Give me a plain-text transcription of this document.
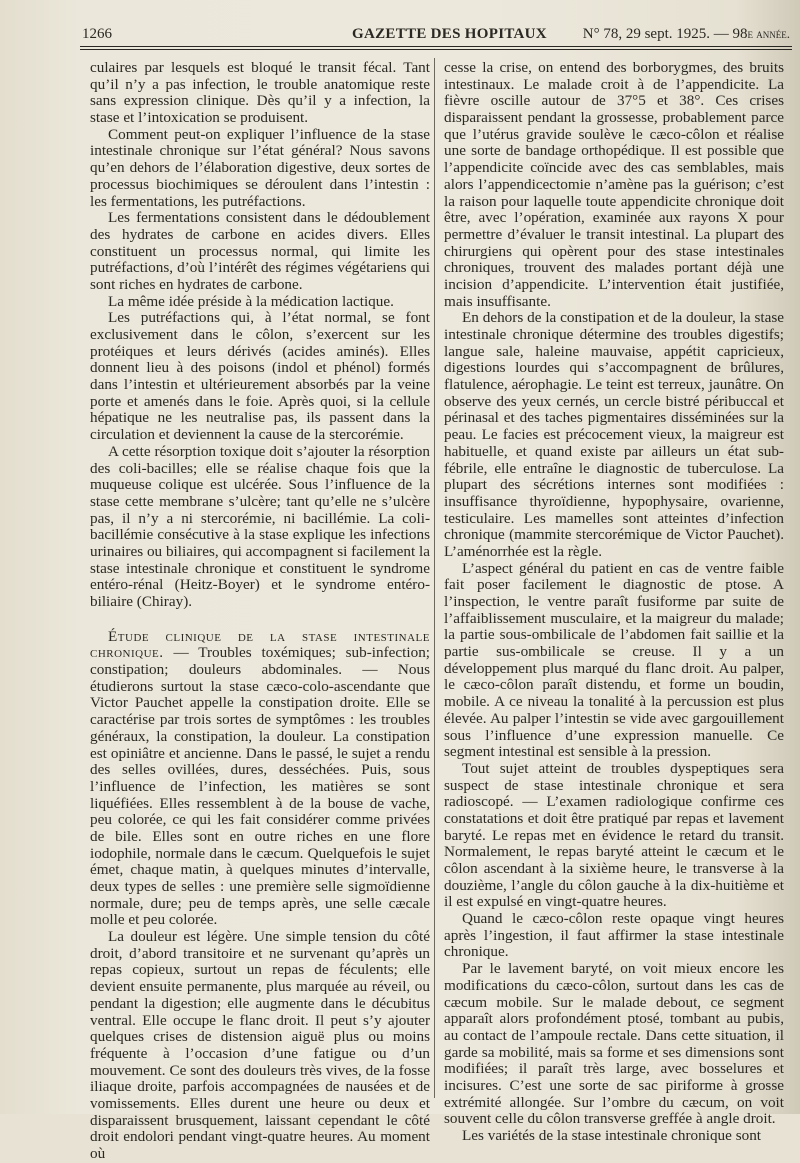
1266	GAZETTE DES HOPITAUX N° 78, 29 sept. 1925. — 98e année.

culaires par lesquels est bloqué le transit fécal. Tant qu’il n’y a pas infection, le trouble anatomique reste sans expression clinique. Dès qu’il y a infection, la stase et l’intoxication se produisent.

Comment peut-on expliquer l’influence de la stase intestinale chronique sur l’état général? Nous savons qu’en dehors de l’élaboration digestive, deux sortes de processus biochimiques se déroulent dans l’intestin : les fermentations, les putréfactions.

Les fermentations consistent dans le dédoublement des hydrates de carbone en acides divers. Elles constituent un processus normal, qui limite les putréfactions, d’où l’intérêt des régimes végétariens qui sont riches en hydrates de carbone.

La même idée préside à la médication lactique.

Les putréfactions qui, à l’état normal, se font exclusivement dans le côlon, s’exercent sur les protéiques et leurs dérivés (acides aminés). Elles donnent lieu à des poisons (indol et phénol) formés dans l’intestin et ultérieurement absorbés par la veine porte et amenés dans le foie. Après quoi, si la cellule hépatique ne les neutralise pas, ils passent dans la circulation et deviennent la cause de la stercorémie.

A cette résorption toxique doit s’ajouter la résorption des coli-bacilles; elle se réalise chaque fois que la muqueuse colique est ulcérée. Sous l’influence de la stase cette membrane s’ulcère; tant qu’elle ne s’ulcère pas, il n’y a ni stercorémie, ni bacillémie. La coli-bacillémie consécutive à la stase explique les infections urinaires ou biliaires, qui accompagnent si facilement la stase intestinale chronique et constituent le syndrome entéro-rénal (Heitz-Boyer) et le syndrome entéro-biliaire (Chiray).

Étude clinique de la stase intestinale chronique. — Troubles toxémiques; sub-infection; constipation; douleurs abdominales. — Nous étudierons surtout la stase cæco-colo-ascendante que Victor Pauchet appelle la constipation droite. Elle se caractérise par trois sortes de symptômes : les troubles généraux, la constipation, la douleur. La constipation est opiniâtre et ancienne. Dans le passé, le sujet a rendu des selles ovillées, dures, desséchées. Puis, sous l’influence de l’infection, les matières se sont liquéfiées. Elles ressemblent à de la bouse de vache, peu colorée, ce qui les fait considérer comme privées de bile. Elles sont en outre riches en une flore iodophile, normale dans le cæcum. Quelquefois le sujet émet, chaque matin, à quelques minutes d’intervalle, deux types de selles : une première selle sigmoïdienne normale, dure; peu de temps après, une selle cæcale molle et peu colorée.

La douleur est légère. Une simple tension du côté droit, d’abord transitoire et ne survenant qu’après un repas copieux, surtout un repas de féculents; elle devient ensuite permanente, plus marquée au réveil, ou pendant la digestion; elle augmente dans le décubitus ventral. Elle occupe le flanc droit. Il peut s’y ajouter quelques crises de distension aiguë plus ou moins fréquente à l’occasion d’une fatigue ou d’un mouvement. Ce sont des douleurs très vives, de la fosse iliaque droite, parfois accompagnées de nausées et de vomissements. Elles durent une heure ou deux et disparaissent brusquement, laissant cependant le côté droit endolori pendant vingt-quatre heures. Au moment où

cesse la crise, on entend des borborygmes, des bruits intestinaux. Le malade croit à de l’appendicite. La fièvre oscille autour de 37°5 et 38°. Ces crises disparaissent pendant la grossesse, probablement parce que l’utérus gravide soulève le cæco-côlon et réalise une sorte de bandage orthopédique. Il est possible que l’appendicite coïncide avec des cas semblables, mais alors l’appendicectomie n’amène pas la guérison; c’est la raison pour laquelle toute appendicite chronique doit être, avec l’opération, examinée aux rayons X pour permettre d’évaluer le transit intestinal. La plupart des chirurgiens qui opèrent pour des stase intestinales chroniques, trouvent des malades portant déjà une incision d’appendicite. L’intervention était justifiée, mais insuffisante.

En dehors de la constipation et de la douleur, la stase intestinale chronique détermine des troubles digestifs; langue sale, haleine mauvaise, appétit capricieux, digestions lourdes qui s’accompagnent de brûlures, flatulence, aérophagie. Le teint est terreux, jaunâtre. On observe des yeux cernés, un cercle bistré péribuccal et périnasal et des taches pigmentaires disséminées sur la peau. Le facies est précocement vieux, la maigreur est habituelle, et quand existe par ailleurs un état sub-fébrile, elle entraîne le diagnostic de tuberculose. La plupart des sécrétions internes sont modifiées : insuffisance thyroïdienne, hypophysaire, ovarienne, testiculaire. Les mamelles sont atteintes d’infection chronique (mammite stercorémique de Victor Pauchet). L’aménorrhée est la règle.

L’aspect général du patient en cas de ventre faible fait poser facilement le diagnostic de ptose. A l’inspection, le ventre paraît fusiforme par suite de l’affaiblissement musculaire, et la maigreur du malade; la partie sous-ombilicale de l’abdomen fait saillie et la partie sus-ombilicale se creuse. Il y a un développement plus marqué du flanc droit. Au palper, le cæco-côlon paraît distendu, et forme un boudin, mobile. A ce niveau la tonalité à la percussion est plus élevée. Au palper l’intestin se vide avec gargouillement sous l’influence d’une expression manuelle. Ce segment intestinal est sensible à la pression.

Tout sujet atteint de troubles dyspeptiques sera suspect de stase intestinale chronique et sera radioscopé. — L’examen radiologique confirme ces constatations et doit être pratiqué par repas et lavement baryté. Le repas met en évidence le retard du transit. Normalement, le repas baryté atteint le cæcum et le côlon ascendant à la sixième heure, le transverse à la douzième, l’angle du côlon gauche à la dix-huitième et il est expulsé en vingt-quatre heures.

Quand le cæco-côlon reste opaque vingt heures après l’ingestion, il faut affirmer la stase intestinale chronique.

Par le lavement baryté, on voit mieux encore les modifications du cæco-côlon, surtout dans les cas de cæcum mobile. Sur le malade debout, ce segment apparaît alors profondément ptosé, tombant au pubis, au contact de l’ampoule rectale. Dans cette situation, il garde sa mobilité, mais sa forme et ses dimensions sont modifiées; il paraît très large, avec bosselures et incisures. C’est une sorte de sac piriforme à grosse extrémité allongée. Sur l’ombre du cæcum, on voit souvent celle du côlon transverse greffée à angle droit.

Les variétés de la stase intestinale chronique sont
